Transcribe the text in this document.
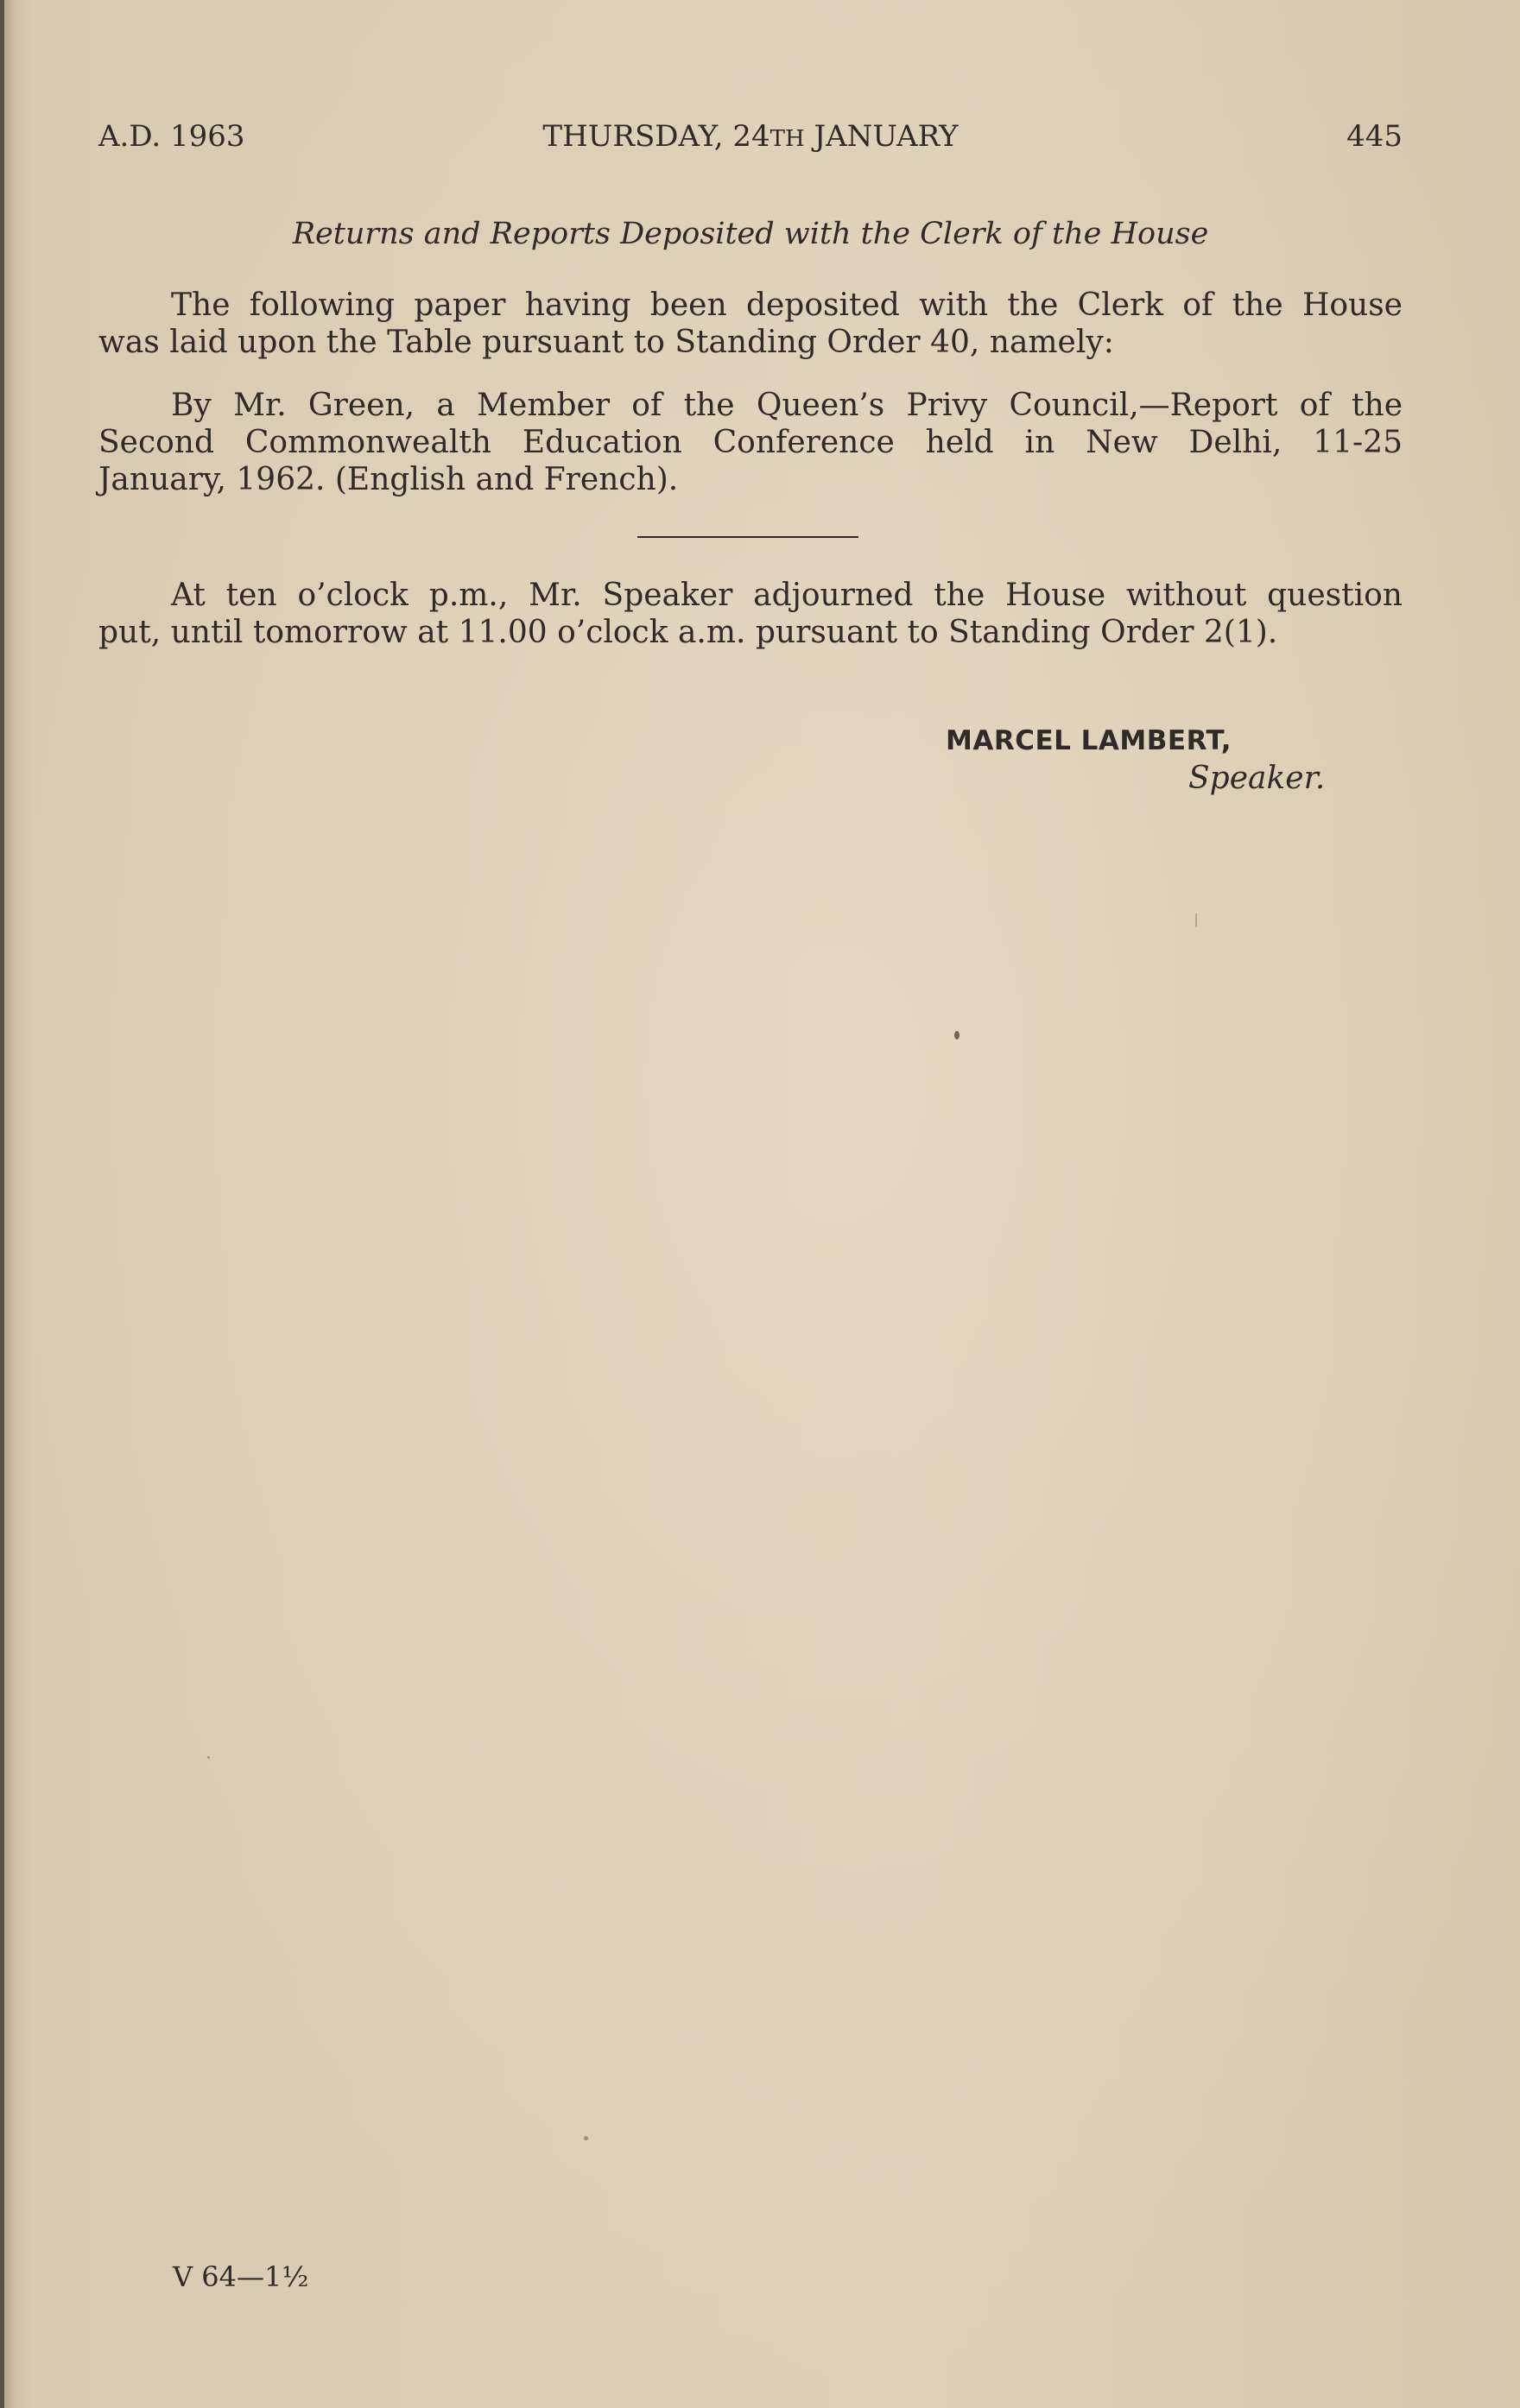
A.D. 1963	THURSDAY, 24TH JANUARY	445
Returns and Reports Deposited with the Clerk of the House
The following paper having been deposited with the Clerk of the House
was laid upon the Table pursuant to Standing Order 40, namely:
By Mr. Green, a Member of the Queen’s Privy Council,—Report of the
Second Commonwealth Education Conference held in New Delhi, 11-25
January, 1962. (English and French).
At ten o’clock p.m., Mr. Speaker adjourned the House without question
put, until tomorrow at 11.00 o’clock a.m. pursuant to Standing Order 2(1).
MARCEL LAMBERT,
Speaker.
V 64—1½
